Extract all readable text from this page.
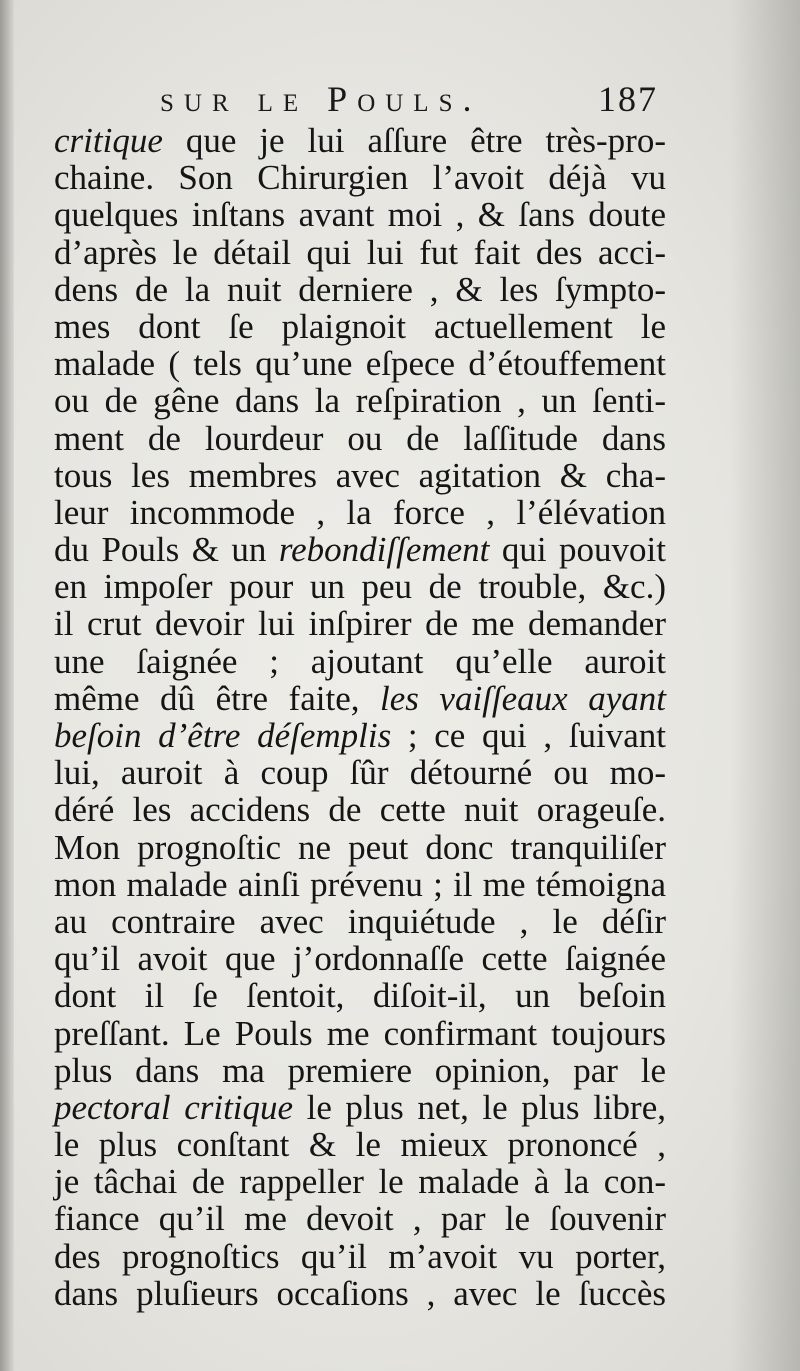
sur le Pouls.	187
critique que je lui aſſure être très-pro-
chaine. Son Chirurgien l’avoit déjà vu
quelques inſtans avant moi , & ſans doute
d’après le détail qui lui fut fait des acci-
dens de la nuit derniere , & les ſympto-
mes dont ſe plaignoit actuellement le
malade ( tels qu’une eſpece d’étouffement
ou de gêne dans la reſpiration , un ſenti-
ment de lourdeur ou de laſſitude dans
tous les membres avec agitation & cha-
leur incommode , la force , l’élévation
du Pouls & un rebondiſſement qui pouvoit
en impoſer pour un peu de trouble, &c.)
il crut devoir lui inſpirer de me demander
une ſaignée ; ajoutant qu’elle auroit
même dû être faite, les vaiſſeaux ayant
beſoin d’être déſemplis ; ce qui , ſuivant
lui, auroit à coup ſûr détourné ou mo-
déré les accidens de cette nuit orageuſe.
Mon prognoſtic ne peut donc tranquiliſer
mon malade ainſi prévenu ; il me témoigna
au contraire avec inquiétude , le déſir
qu’il avoit que j’ordonnaſſe cette ſaignée
dont il ſe ſentoit, diſoit-il, un beſoin
preſſant. Le Pouls me confirmant toujours
plus dans ma premiere opinion, par le
pectoral critique le plus net, le plus libre,
le plus conſtant & le mieux prononcé ,
je tâchai de rappeller le malade à la con-
fiance qu’il me devoit , par le ſouvenir
des prognoſtics qu’il m’avoit vu porter,
dans pluſieurs occaſions , avec le ſuccès
